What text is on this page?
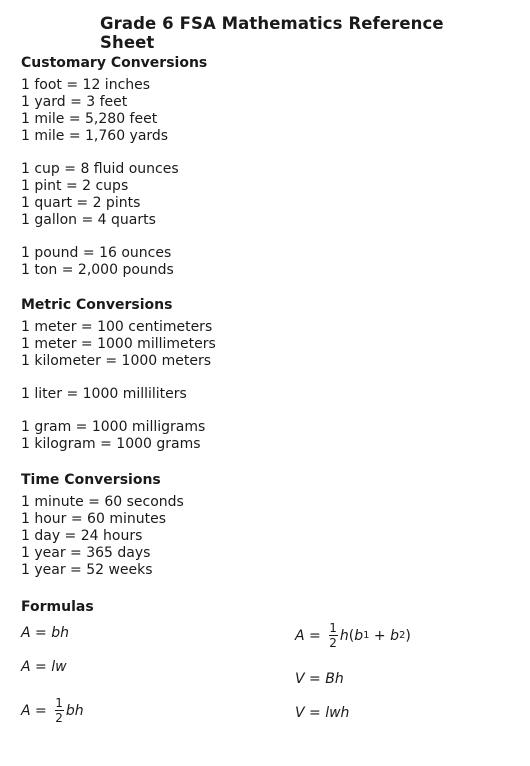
Grade 6 FSA Mathematics Reference Sheet
Customary Conversions
1 foot = 12 inches
1 yard = 3 feet
1 mile = 5,280 feet
1 mile = 1,760 yards
1 cup = 8 fluid ounces
1 pint = 2 cups
1 quart = 2 pints
1 gallon = 4 quarts
1 pound = 16 ounces
1 ton = 2,000 pounds
Metric Conversions
1 meter = 100 centimeters
1 meter = 1000 millimeters
1 kilometer = 1000 meters
1 liter = 1000 milliliters
1 gram = 1000 milligrams
1 kilogram = 1000 grams
Time Conversions
1 minute = 60 seconds
1 hour = 60 minutes
1 day = 24 hours
1 year = 365 days
1 year = 52 weeks
Formulas
A = bh
A = lw
$A = \frac{1}{2}$ bh
$A = \frac{1}{2}$ h ( b 1 + b 2 )
V = Bh
V = lwh
